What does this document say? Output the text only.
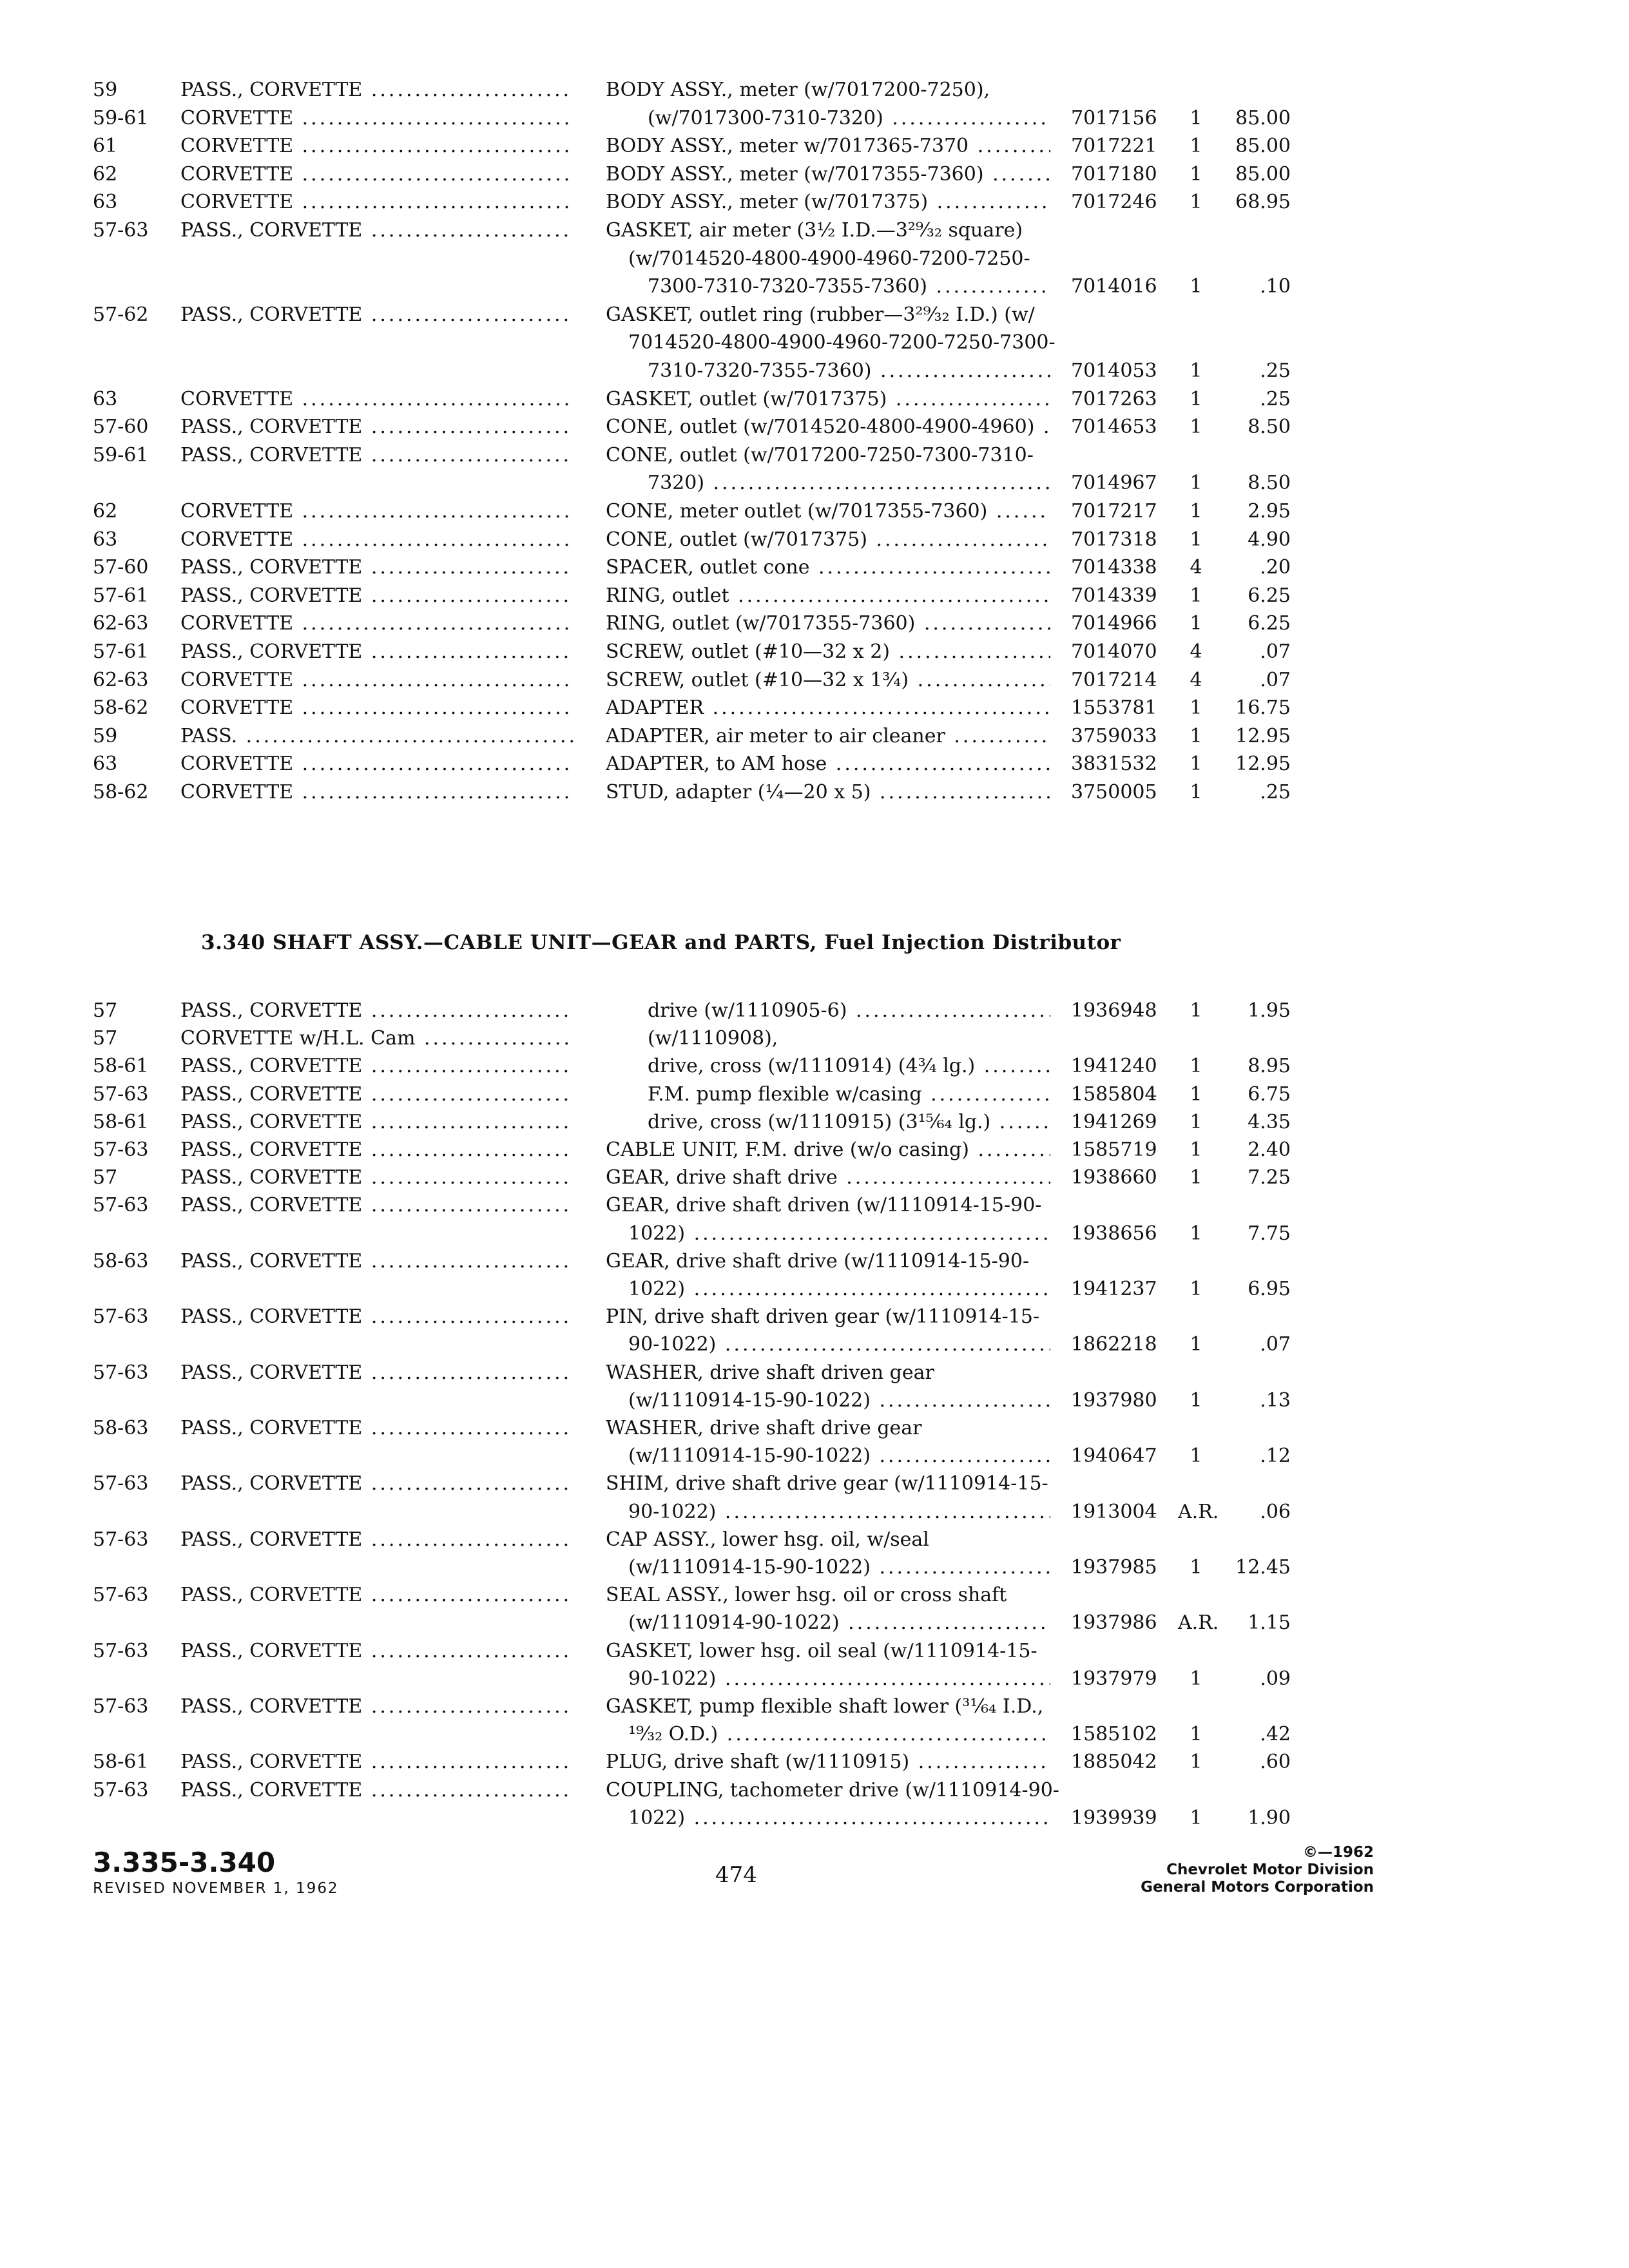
59	PASS., CORVETTE .....	BODY ASSY., meter (w/7017200-7250),
59-61 CORVETTE .....	(w/7017300-7310-7320) .....	7017156	1	85.00
61	CORVETTE .....	BODY ASSY., meter w/7017365-7370 .....	7017221	1	85.00
62	CORVETTE .....	BODY ASSY., meter (w/7017355-7360) .....	7017180	1	85.00
63	CORVETTE .....	BODY ASSY., meter (w/7017375) .....	7017246	1	68.95
57-63 PASS., CORVETTE .....	GASKET, air meter (3½ I.D.—3²⁹⁄₃₂ square)
(w/7014520-4800-4900-4960-7200-7250-
7300-7310-7320-7355-7360) .....	7014016	1	.10
57-62 PASS., CORVETTE .....	GASKET, outlet ring (rubber—3²⁹⁄₃₂ I.D.) (w/
7014520-4800-4900-4960-7200-7250-7300-
7310-7320-7355-7360) .....	7014053	1	.25
63	CORVETTE .....	GASKET, outlet (w/7017375) .....	7017263	1	.25
57-60 PASS., CORVETTE .....	CONE, outlet (w/7014520-4800-4900-4960) .....	7014653	1	8.50
59-61 PASS., CORVETTE .....	CONE, outlet (w/7017200-7250-7300-7310-
7320) .....	7014967	1	8.50
62	CORVETTE .....	CONE, meter outlet (w/7017355-7360) .....	7017217	1	2.95
63	CORVETTE .....	CONE, outlet (w/7017375) .....	7017318	1	4.90
57-60 PASS., CORVETTE .....	SPACER, outlet cone .....	7014338	4	.20
57-61 PASS., CORVETTE .....	RING, outlet .....	7014339	1	6.25
62-63 CORVETTE .....	RING, outlet (w/7017355-7360) .....	7014966	1	6.25
57-61 PASS., CORVETTE .....	SCREW, outlet (#10—32 x 2) .....	7014070	4	.07
62-63 CORVETTE .....	SCREW, outlet (#10—32 x 1¾) .....	7017214	4	.07
58-62 CORVETTE .....	ADAPTER .....	1553781	1	16.75
59	PASS. .....	ADAPTER, air meter to air cleaner .....	3759033	1	12.95
63	CORVETTE .....	ADAPTER, to AM hose .....	3831532	1	12.95
58-62 CORVETTE .....	STUD, adapter (¼—20 x 5) .....	3750005	1	.25
57	PASS., CORVETTE .....	drive (w/1110905-6) .....	1936948	1	1.95
57	CORVETTE w/H.L. Cam .....	(w/1110908),
58-61 PASS., CORVETTE .....	drive, cross (w/1110914) (4¾ lg.) .....	1941240	1	8.95
57-63 PASS., CORVETTE .....	F.M. pump flexible w/casing .....	1585804	1	6.75
58-61 PASS., CORVETTE .....	drive, cross (w/1110915) (3¹⁵⁄₆₄ lg.) .....	1941269	1	4.35
57-63 PASS., CORVETTE .....	CABLE UNIT, F.M. drive (w/o casing) .....	1585719	1	2.40
57	PASS., CORVETTE .....	GEAR, drive shaft drive .....	1938660	1	7.25
57-63 PASS., CORVETTE .....	GEAR, drive shaft driven (w/1110914-15-90-
1022) .....	1938656	1	7.75
58-63 PASS., CORVETTE .....	GEAR, drive shaft drive (w/1110914-15-90-
1022) .....	1941237	1	6.95
57-63 PASS., CORVETTE .....	PIN, drive shaft driven gear (w/1110914-15-
90-1022) .....	1862218	1	.07
57-63 PASS., CORVETTE .....	WASHER, drive shaft driven gear
(w/1110914-15-90-1022) .....	1937980	1	.13
58-63 PASS., CORVETTE .....	WASHER, drive shaft drive gear
(w/1110914-15-90-1022) .....	1940647	1	.12
57-63 PASS., CORVETTE .....	SHIM, drive shaft drive gear (w/1110914-15-
90-1022) .....	1913004 A.R. .06
57-63 PASS., CORVETTE .....	CAP ASSY., lower hsg. oil, w/seal
(w/1110914-15-90-1022) .....	1937985	1	12.45
57-63 PASS., CORVETTE .....	SEAL ASSY., lower hsg. oil or cross shaft
(w/1110914-90-1022) .....	1937986 A.R. 1.15
57-63 PASS., CORVETTE .....	GASKET, lower hsg. oil seal (w/1110914-15-
90-1022) .....	1937979	1	.09
57-63 PASS., CORVETTE .....	GASKET, pump flexible shaft lower (³¹⁄₆₄ I.D.,
¹⁹⁄₃₂ O.D.) .....	1585102	1	.42
58-61 PASS., CORVETTE .....	PLUG, drive shaft (w/1110915) .....	1885042	1	.60
57-63 PASS., CORVETTE .....	COUPLING, tachometer drive (w/1110914-90-
1022) .....	1939939	1	1.90
3.340 SHAFT ASSY.—CABLE UNIT—GEAR and PARTS, Fuel Injection Distributor
3.335-3.340
REVISED NOVEMBER 1, 1962
474
©—1962
Chevrolet Motor Division
General Motors Corporation
